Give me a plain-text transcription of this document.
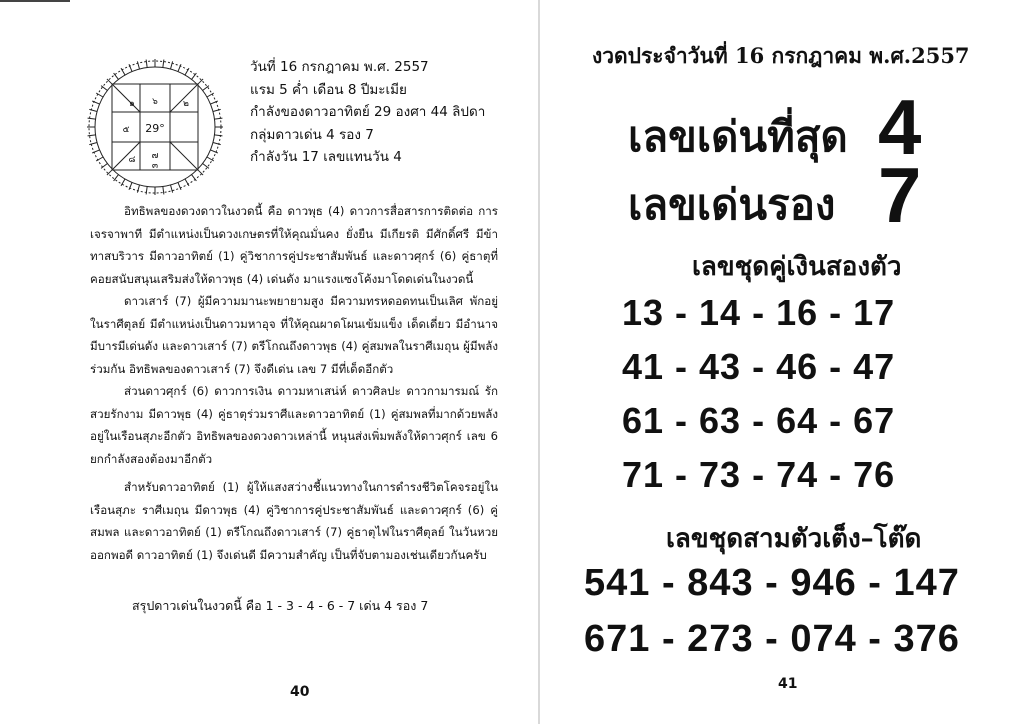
29°
๑ ๖
๕
๒
๘ ๗
๓
วันที่ 16 กรกฎาคม พ.ศ. 2557
แรม 5 ค่ำ เดือน 8 ปีมะเมีย
กำลังของดาวอาทิตย์ 29 องศา 44 ลิปดา
กลุ่มดาวเด่น 4 รอง 7
กำลังวัน 17 เลขแทนวัน 4

อิทธิพลของดวงดาวในงวดนี้ คือ ดาวพุธ (4) ดาวการสื่อสารการติดต่อ การเจรจาพาที มีตำแหน่งเป็นดวงเกษตรที่ให้คุณมั่นคง ยั่งยืน มีเกียรติ มีศักดิ์ศรี มีข้าทาสบริวาร มีดาวอาทิตย์ (1) คู่วิชาการคู่ประชาสัมพันธ์ และดาวศุกร์ (6) คู่ธาตุที่คอยสนับสนุนเสริมส่งให้ดาวพุธ (4) เด่นดัง มาแรงแซงโค้งมาโดดเด่นในงวดนี้

ดาวเสาร์ (7) ผู้มีความมานะพยายามสูง มีความทรหดอดทนเป็นเลิศ พักอยู่ในราศีตุลย์ มีตำแหน่งเป็นดาวมหาอุจ ที่ให้คุณผาดโผนเข้มแข็ง เด็ดเดี่ยว มีอำนาจ มีบารมีเด่นดัง และดาวเสาร์ (7) ตรีโกณถึงดาวพุธ (4) คู่สมพลในราศีเมถุน ผู้มีพลังร่วมกัน อิทธิพลของดาวเสาร์ (7) จึงดีเด่น เลข 7 มีที่เด็ดอีกตัว

ส่วนดาวศุกร์ (6) ดาวการเงิน ดาวมหาเสน่ห์ ดาวศิลปะ ดาวกามารมณ์ รักสวยรักงาม มีดาวพุธ (4) คู่ธาตุร่วมราศีและดาวอาทิตย์ (1) คู่สมพลที่มากด้วยพลังอยู่ในเรือนสุภะอีกตัว อิทธิพลของดวงดาวเหล่านี้ หนุนส่งเพิ่มพลังให้ดาวศุกร์ เลข 6 ยกกำลังสองต้องมาอีกตัว

สำหรับดาวอาทิตย์ (1) ผู้ให้แสงสว่างชี้แนวทางในการดำรงชีวิตโคจรอยู่ในเรือนสุภะ ราศีเมถุน มีดาวพุธ (4) คู่วิชาการคู่ประชาสัมพันธ์ และดาวศุกร์ (6) คู่สมพล และดาวอาทิตย์ (1) ตรีโกณถึงดาวเสาร์ (7) คู่ธาตุไฟในราศีตุลย์ ในวันหวยออกพอดี ดาวอาทิตย์ (1) จึงเด่นดี มีความสำคัญ เป็นที่จับตามองเช่นเดียวกันครับ

สรุปดาวเด่นในงวดนี้ คือ 1 - 3 - 4 - 6 - 7 เด่น 4 รอง 7
40
งวดประจำวันที่ 16 กรกฎาคม พ.ศ.2557
เลขเด่นที่สุด 4
เลขเด่นรอง 7
เลขชุดคู่เงินสองตัว
13 - 14 - 16 - 17
41 - 43 - 46 - 47
61 - 63 - 64 - 67
71 - 73 - 74 - 76
เลขชุดสามตัวเต็ง–โต๊ด
541 - 843 - 946 - 147
671 - 273 - 074 - 376
41
